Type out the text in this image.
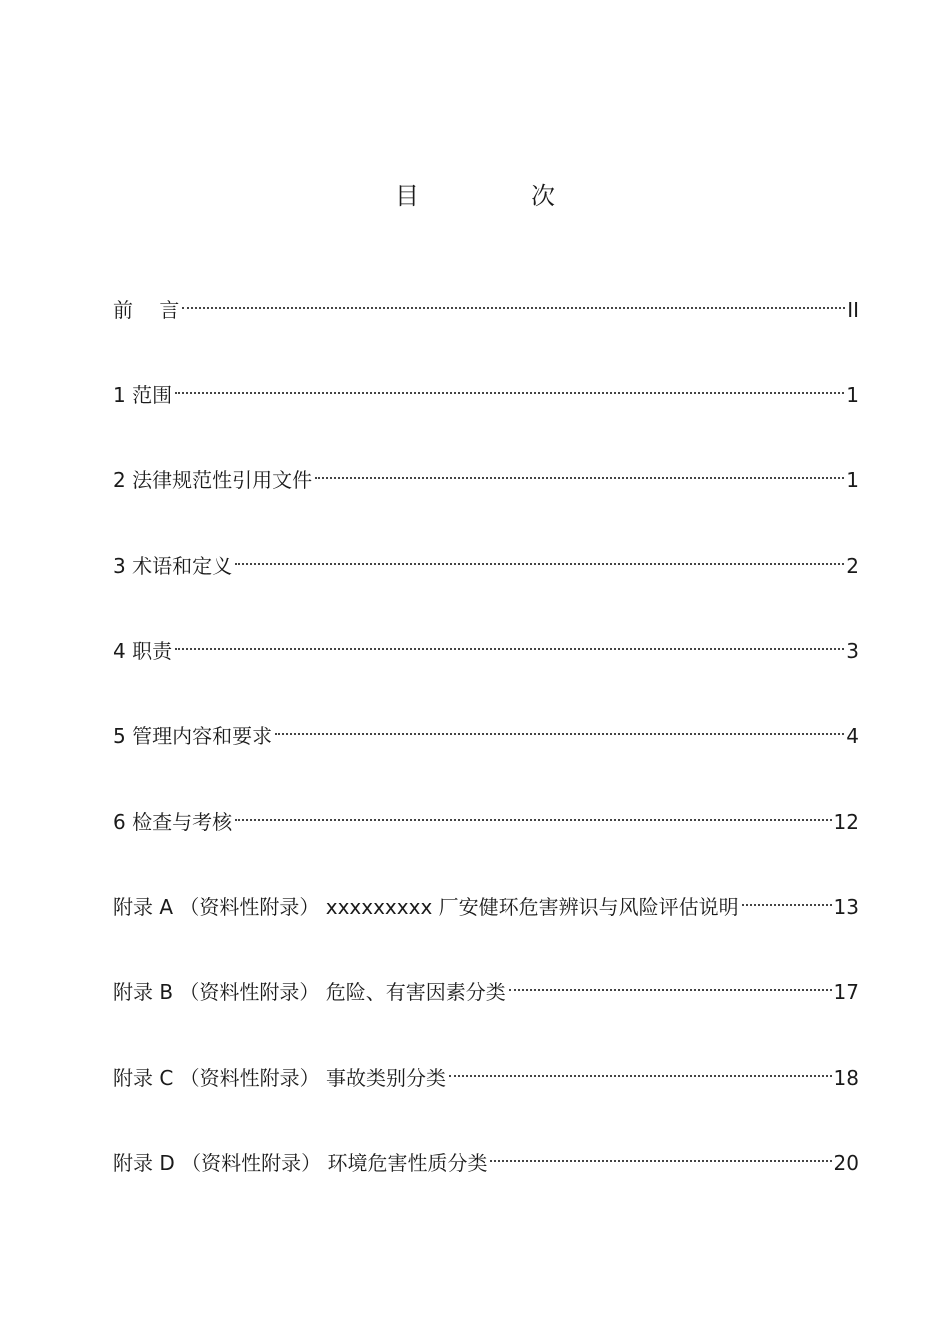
目　次
前　 言	II
1 范围	1
2 法律规范性引用文件	1
3 术语和定义	2
4 职责	3
5 管理内容和要求	4
6 检查与考核	12
附录 A （资料性附录） xxxxxxxxx 厂安健环危害辨识与风险评估说明	13
附录 B （资料性附录） 危险、有害因素分类	17
附录 C （资料性附录） 事故类别分类	18
附录 D （资料性附录） 环境危害性质分类	20
